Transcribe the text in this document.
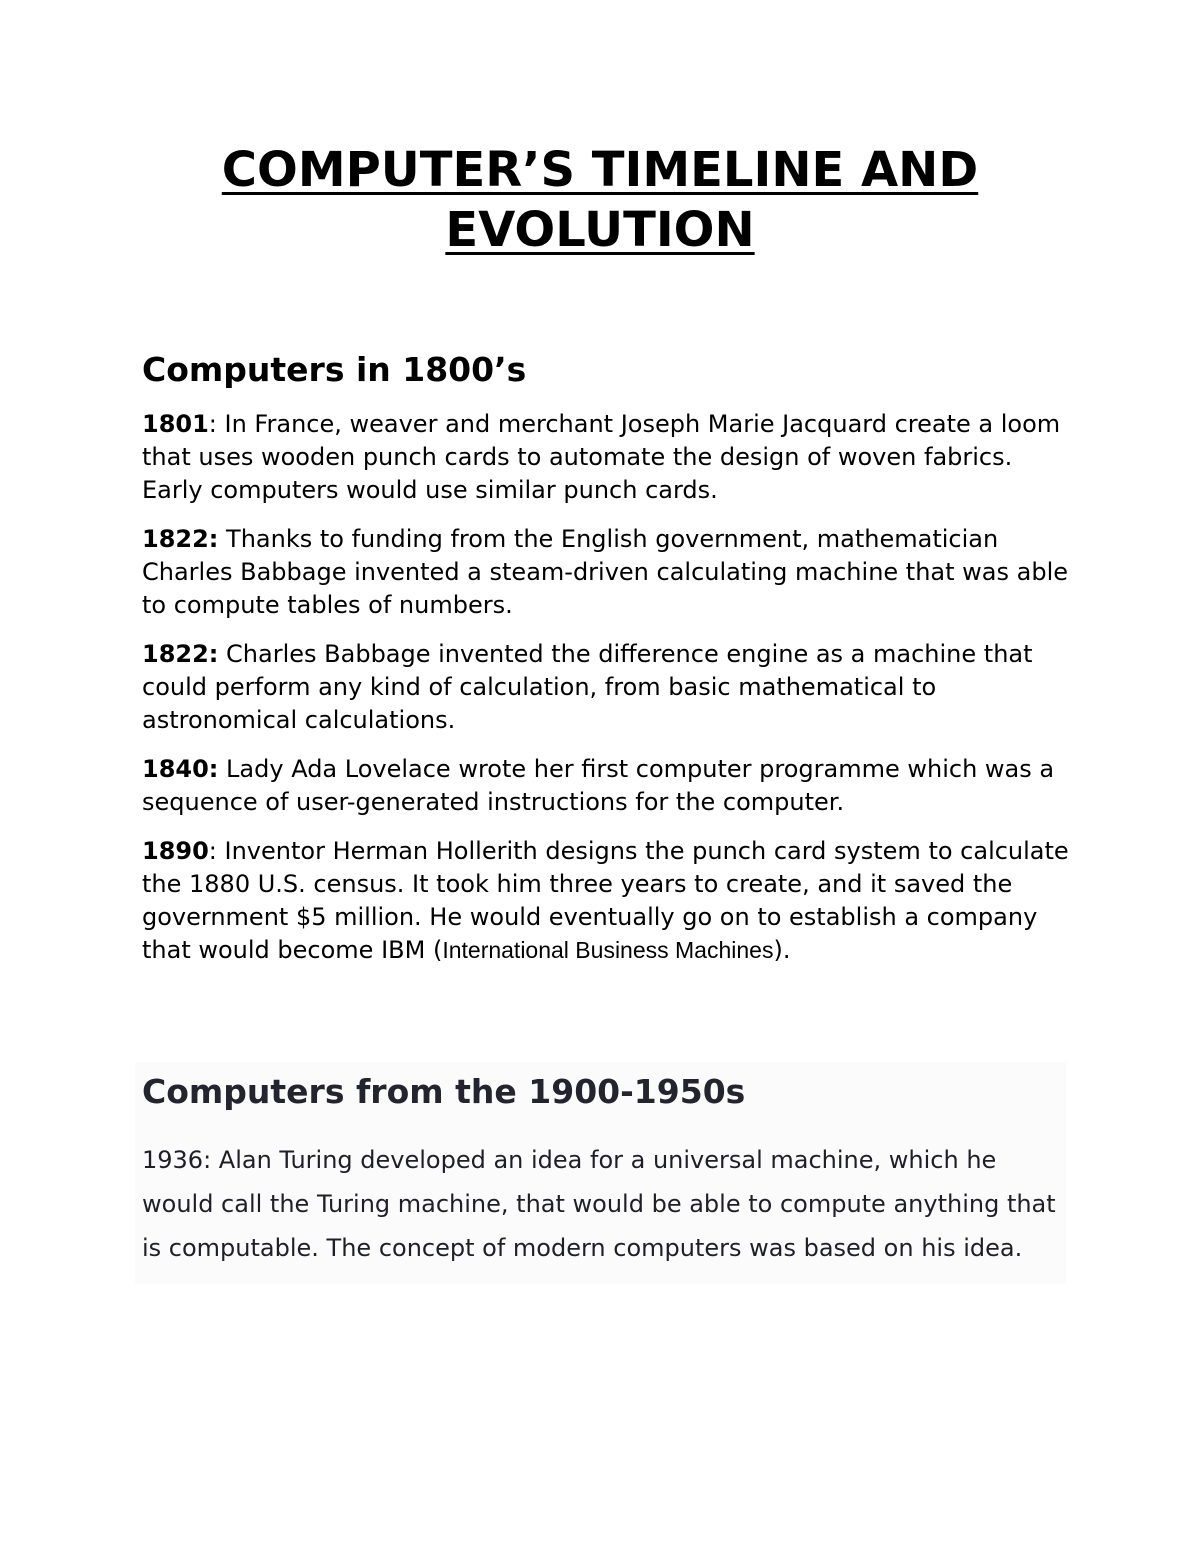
COMPUTER’S TIMELINE AND
EVOLUTION
Computers in 1800’s

1801: In France, weaver and merchant Joseph Marie Jacquard create a loom that uses wooden punch cards to automate the design of woven fabrics. Early computers would use similar punch cards.

1822: Thanks to funding from the English government, mathematician Charles Babbage invented a steam-driven calculating machine that was able to compute tables of numbers.

1822: Charles Babbage invented the difference engine as a machine that could perform any kind of calculation, from basic mathematical to astronomical calculations.

1840: Lady Ada Lovelace wrote her first computer programme which was a sequence of user-generated instructions for the computer.

1890: Inventor Herman Hollerith designs the punch card system to calculate the 1880 U.S. census. It took him three years to create, and it saved the government $5 million. He would eventually go on to establish a company that would become IBM (International Business Machines).

Computers from the 1900-1950s

1936: Alan Turing developed an idea for a universal machine, which he would call the Turing machine, that would be able to compute anything that is computable. The concept of modern computers was based on his idea.
